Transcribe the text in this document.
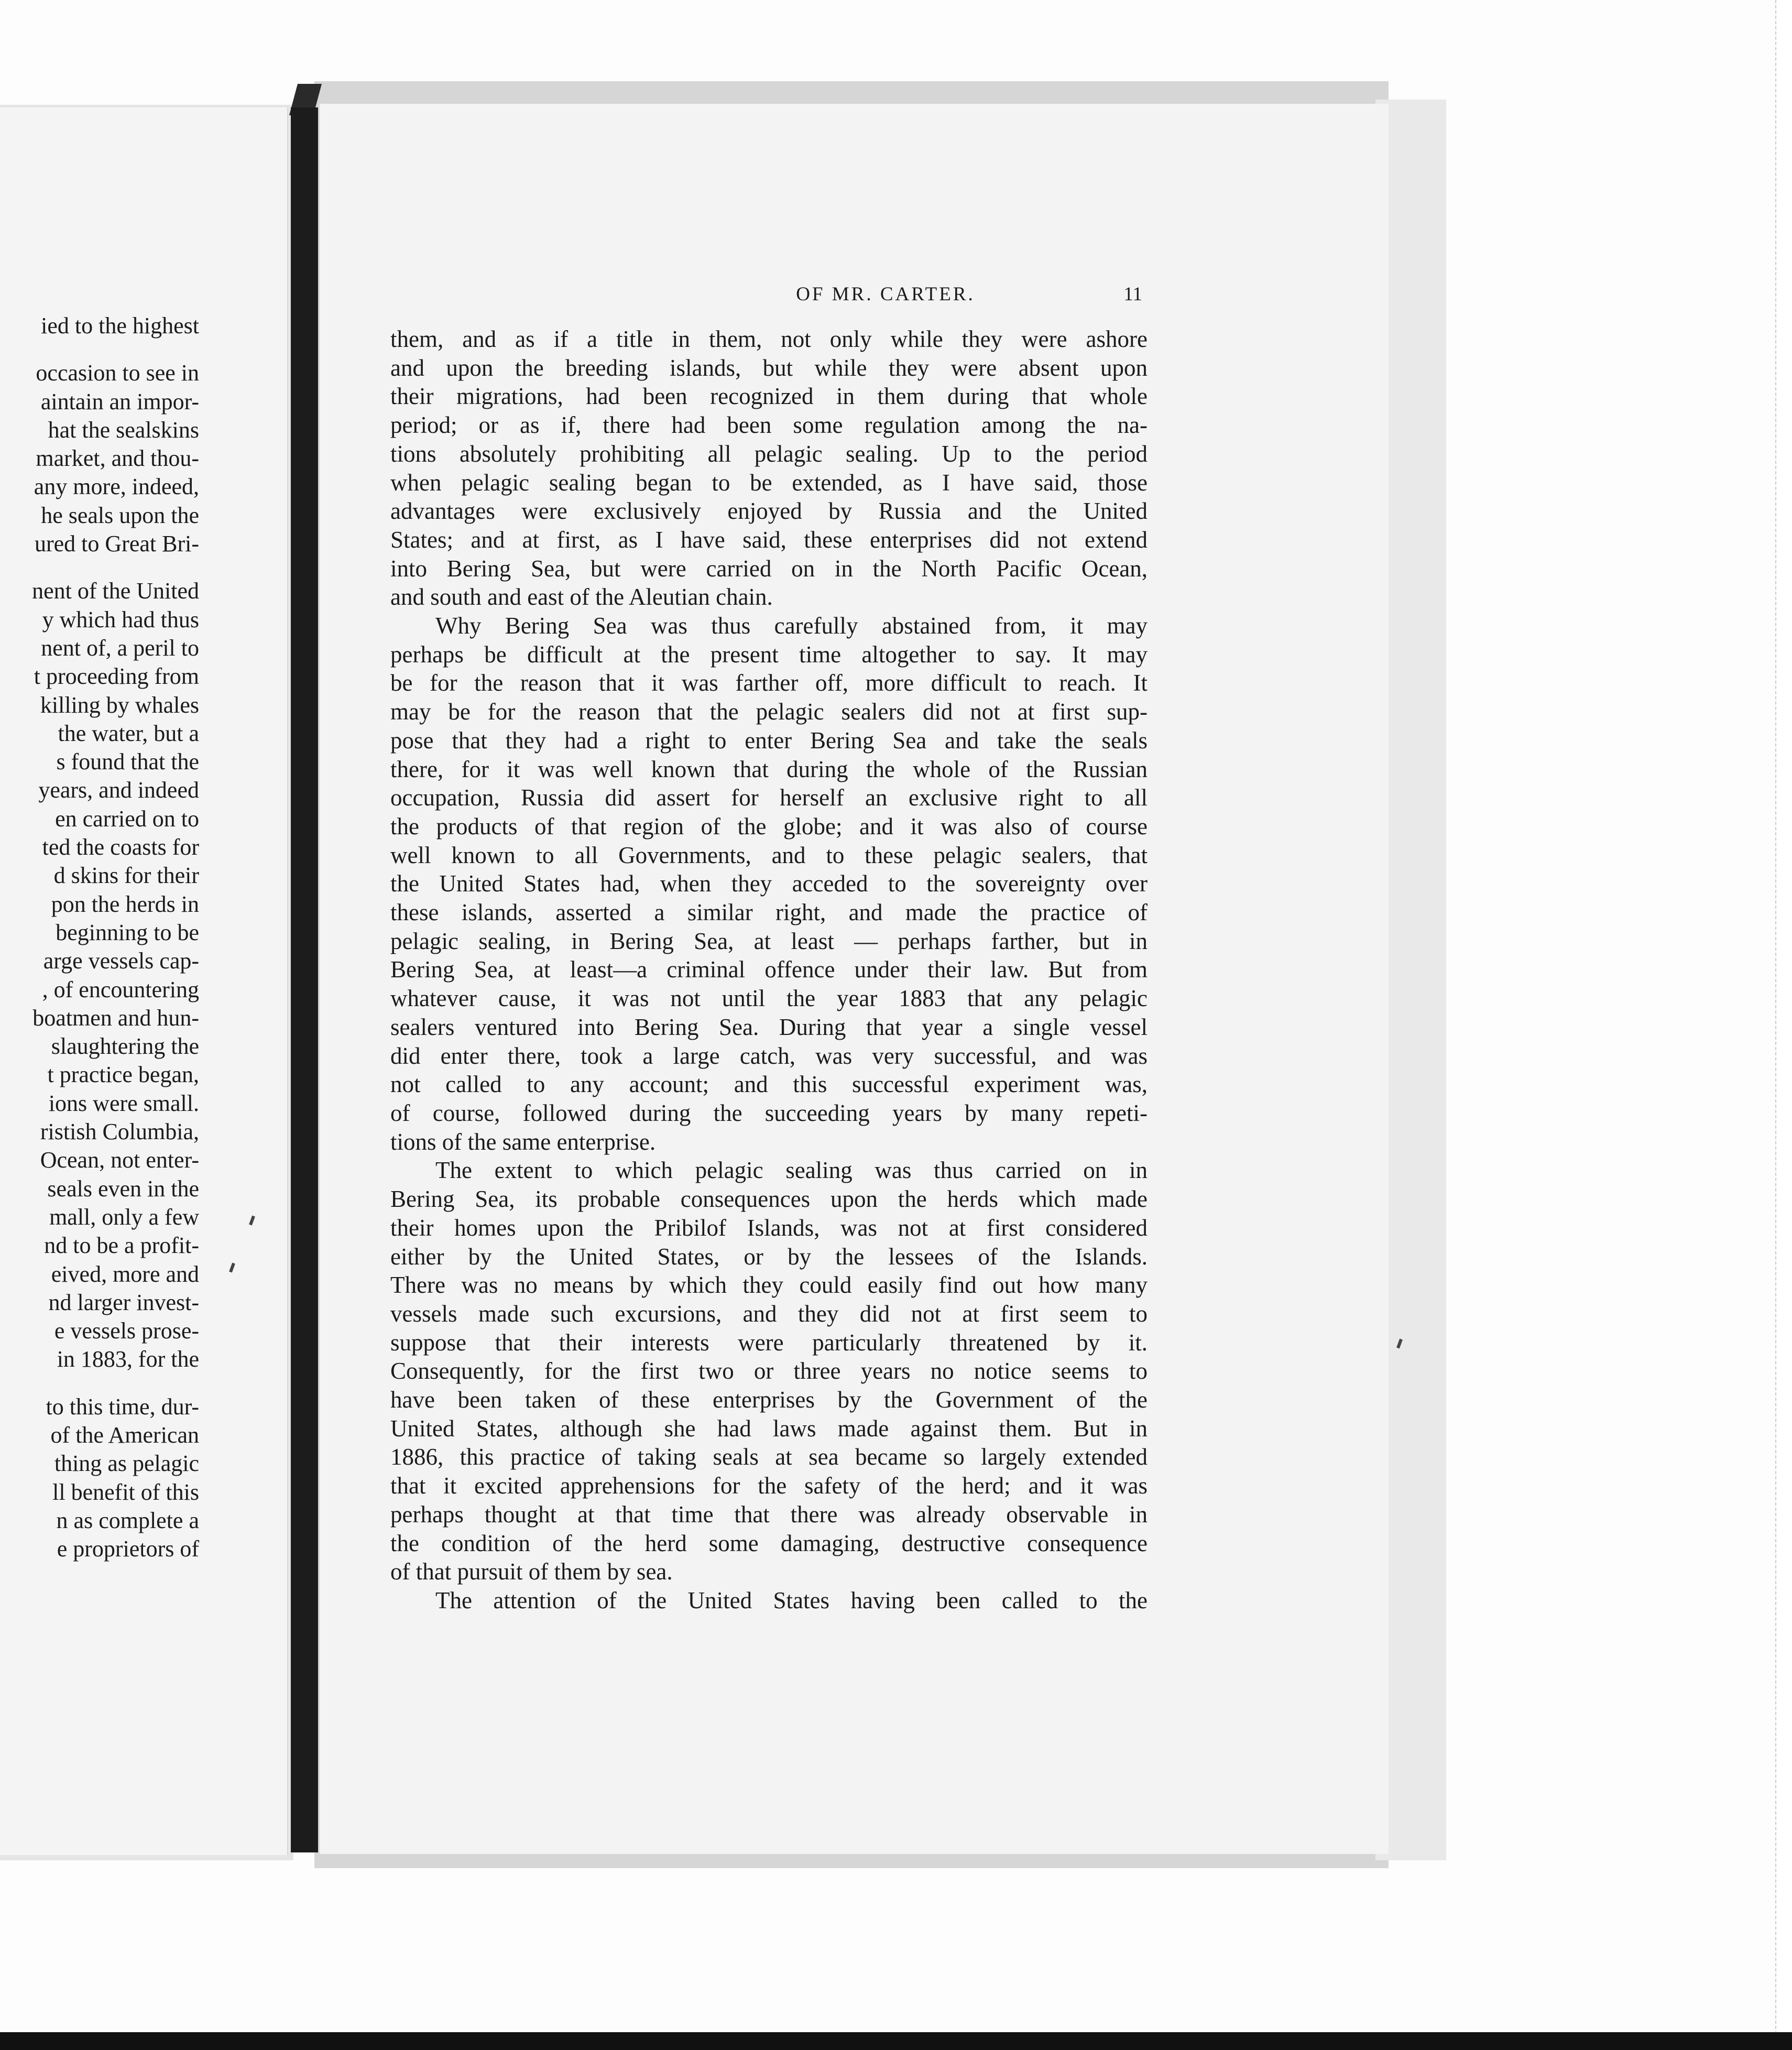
ied to the highest
occasion to see in
aintain an impor-
hat the sealskins
market, and thou-
any more, indeed,
he seals upon the
ured to Great Bri-
nent of the United
y which had thus
nent of, a peril to
t proceeding from
killing by whales
the water, but a
s found that the
years, and indeed
en carried on to
ted the coasts for
d skins for their
pon the herds in
beginning to be
arge vessels cap-
, of encountering
boatmen and hun-
slaughtering the
t practice began,
ions were small.
ristish Columbia,
Ocean, not enter-
seals even in the
mall, only a few
nd to be a profit-
eived, more and
nd larger invest-
e vessels prose-
in 1883, for the
to this time, dur-
of the American
thing as pelagic
ll benefit of this
n as complete a
e proprietors of
OF MR. CARTER.	11
them, and as if a title in them, not only while they were ashore
and upon the breeding islands, but while they were absent upon
their migrations, had been recognized in them during that whole
period; or as if, there had been some regulation among the na-
tions absolutely prohibiting all pelagic sealing. Up to the period
when pelagic sealing began to be extended, as I have said, those
advantages were exclusively enjoyed by Russia and the United
States; and at first, as I have said, these enterprises did not extend
into Bering Sea, but were carried on in the North Pacific Ocean,
and south and east of the Aleutian chain.
Why Bering Sea was thus carefully abstained from, it may
perhaps be difficult at the present time altogether to say. It may
be for the reason that it was farther off, more difficult to reach. It
may be for the reason that the pelagic sealers did not at first sup-
pose that they had a right to enter Bering Sea and take the seals
there, for it was well known that during the whole of the Russian
occupation, Russia did assert for herself an exclusive right to all
the products of that region of the globe; and it was also of course
well known to all Governments, and to these pelagic sealers, that
the United States had, when they acceded to the sovereignty over
these islands, asserted a similar right, and made the practice of
pelagic sealing, in Bering Sea, at least — perhaps farther, but in
Bering Sea, at least—a criminal offence under their law. But from
whatever cause, it was not until the year 1883 that any pelagic
sealers ventured into Bering Sea. During that year a single vessel
did enter there, took a large catch, was very successful, and was
not called to any account; and this successful experiment was,
of course, followed during the succeeding years by many repeti-
tions of the same enterprise.
The extent to which pelagic sealing was thus carried on in
Bering Sea, its probable consequences upon the herds which made
their homes upon the Pribilof Islands, was not at first considered
either by the United States, or by the lessees of the Islands.
There was no means by which they could easily find out how many
vessels made such excursions, and they did not at first seem to
suppose that their interests were particularly threatened by it.
Consequently, for the first two or three years no notice seems to
have been taken of these enterprises by the Government of the
United States, although she had laws made against them. But in
1886, this practice of taking seals at sea became so largely extended
that it excited apprehensions for the safety of the herd; and it was
perhaps thought at that time that there was already observable in
the condition of the herd some damaging, destructive consequence
of that pursuit of them by sea.
The attention of the United States having been called to the
